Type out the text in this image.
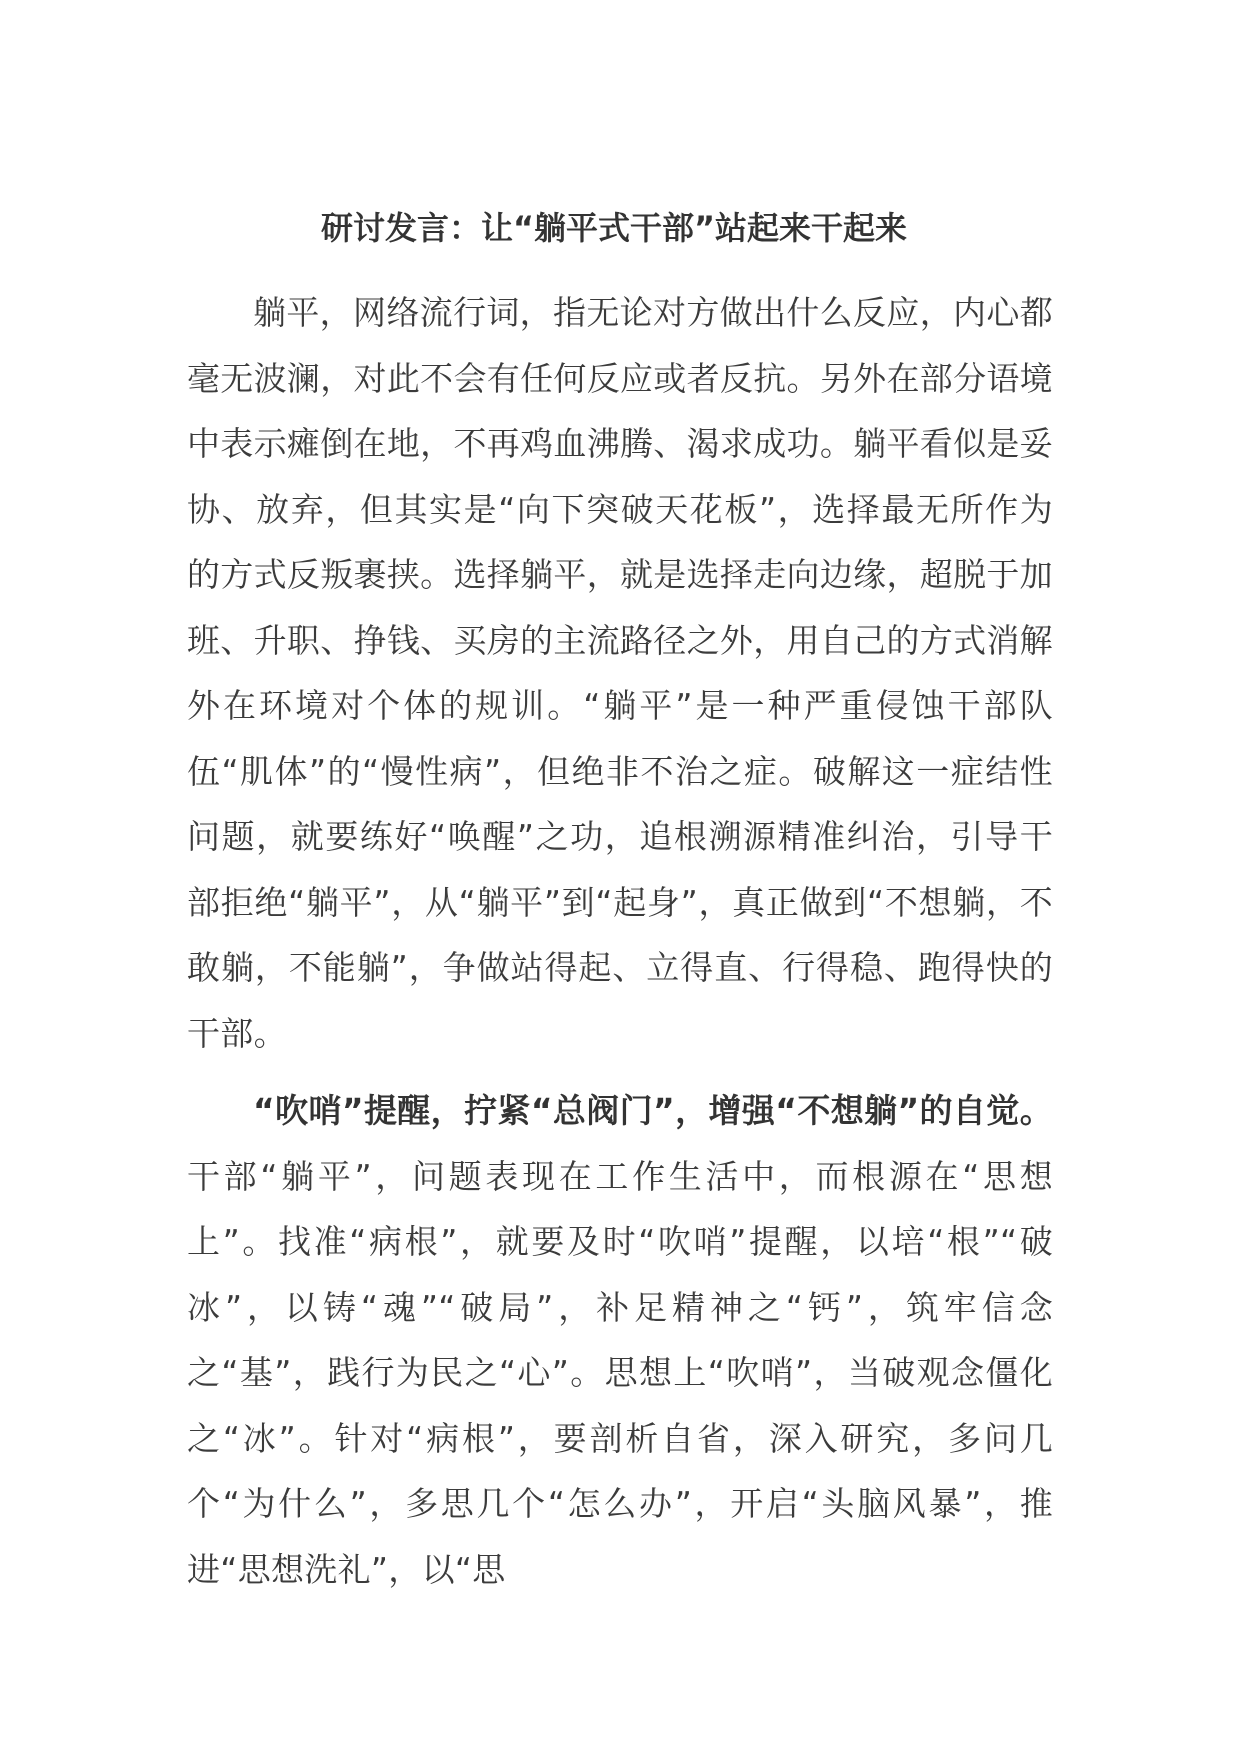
研讨发言：让“躺平式干部”站起来干起来

躺平，网络流行词，指无论对方做出什么反应，内心都毫无波澜，对此不会有任何反应或者反抗。另外在部分语境中表示瘫倒在地，不再鸡血沸腾、渴求成功。躺平看似是妥协、放弃，但其实是“向下突破天花板”，选择最无所作为的方式反叛裹挟。选择躺平，就是选择走向边缘，超脱于加班、升职、挣钱、买房的主流路径之外，用自己的方式消解外在环境对个体的规训。“躺平”是一种严重侵蚀干部队伍“肌体”的“慢性病”，但绝非不治之症。破解这一症结性问题，就要练好“唤醒”之功，追根溯源精准纠治，引导干部拒绝“躺平”，从“躺平”到“起身”，真正做到“不想躺，不敢躺，不能躺”，争做站得起、立得直、行得稳、跑得快的干部。

“吹哨”提醒，拧紧“总阀门”，增强“不想躺”的自觉。干部“躺平”，问题表现在工作生活中，而根源在“思想上”。找准“病根”，就要及时“吹哨”提醒，以培“根”“破冰”，以铸“魂”“破局”，补足精神之“钙”，筑牢信念之“基”，践行为民之“心”。思想上“吹哨”，当破观念僵化之“冰”。针对“病根”，要剖析自省，深入研究，多问几个“为什么”，多思几个“怎么办”，开启“头脑风暴”，推进“思想洗礼”，以“思
